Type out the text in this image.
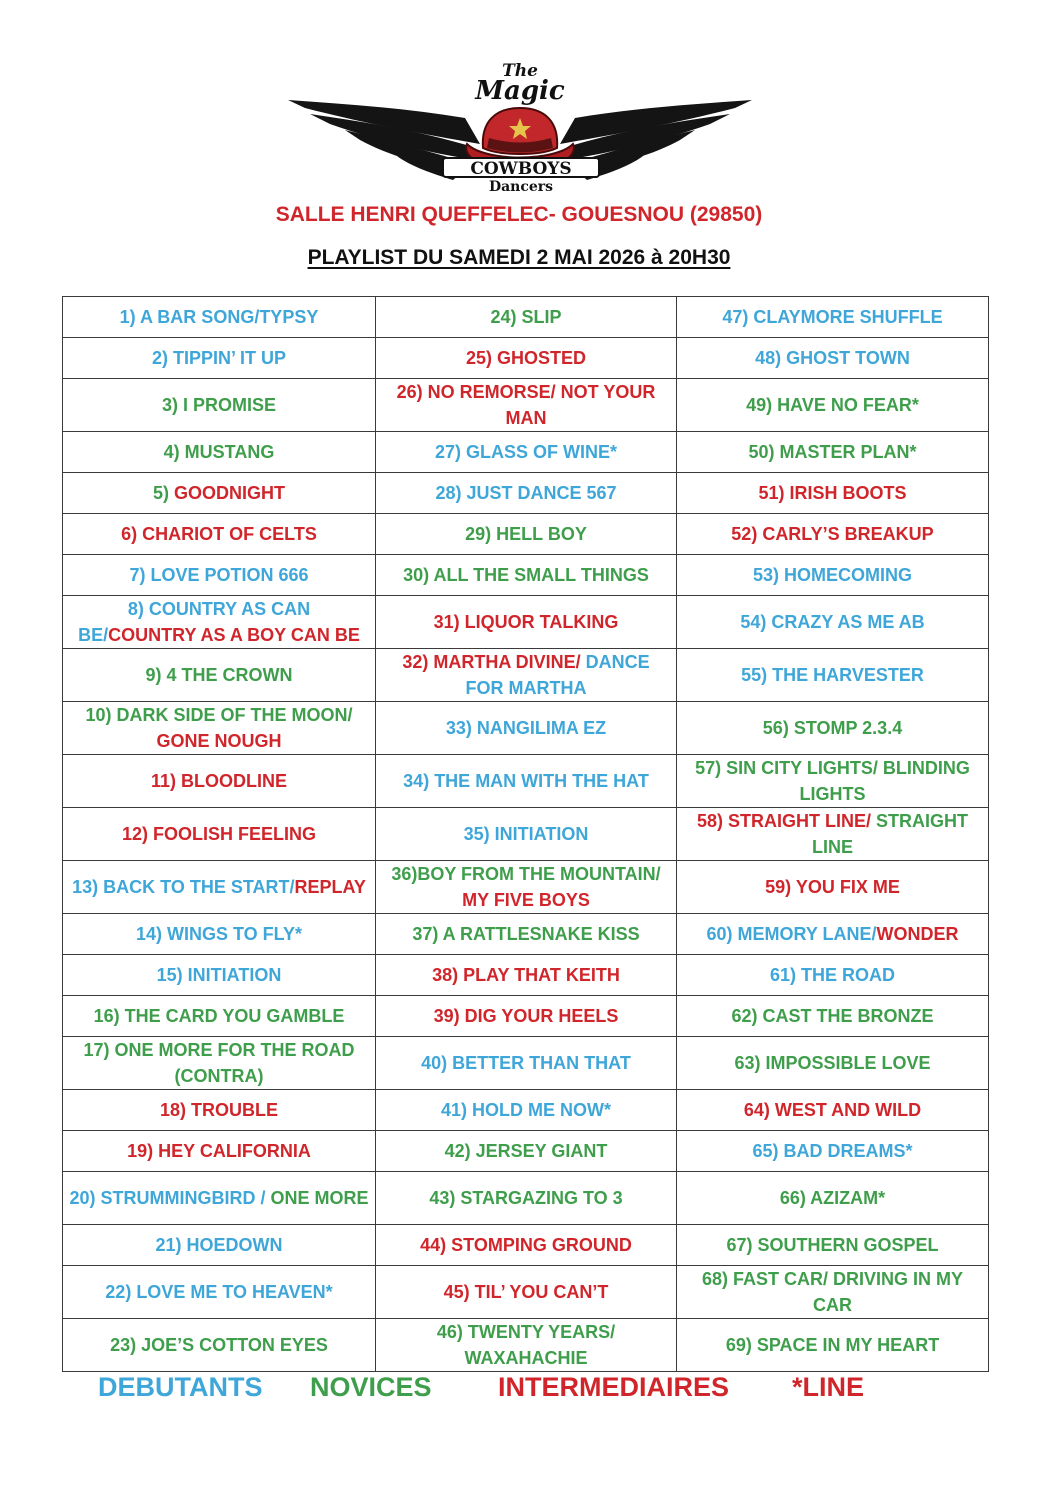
The
Magic
COWBOYS
Dancers
SALLE HENRI QUEFFELEC- GOUESNOU (29850)
PLAYLIST DU SAMEDI 2 MAI 2026 à 20H30
1) A BAR SONG/TYPSY	24) SLIP	47) CLAYMORE SHUFFLE
2) TIPPIN’ IT UP	25) GHOSTED	48) GHOST TOWN
3) I PROMISE	26) NO REMORSE/ NOT YOUR MAN	49) HAVE NO FEAR*
4) MUSTANG	27) GLASS OF WINE*	50) MASTER PLAN*
5) GOODNIGHT	28) JUST DANCE 567	51) IRISH BOOTS
6) CHARIOT OF CELTS	29) HELL BOY	52) CARLY’S BREAKUP
7) LOVE POTION 666	30) ALL THE SMALL THINGS	53) HOMECOMING
8) COUNTRY AS CAN BE/COUNTRY AS A BOY CAN BE	31) LIQUOR TALKING	54) CRAZY AS ME AB
9) 4 THE CROWN	32) MARTHA DIVINE/ DANCE FOR MARTHA	55) THE HARVESTER
10) DARK SIDE OF THE MOON/ GONE NOUGH	33) NANGILIMA EZ	56) STOMP 2.3.4
11) BLOODLINE	34) THE MAN WITH THE HAT	57) SIN CITY LIGHTS/ BLINDING LIGHTS
12) FOOLISH FEELING	35) INITIATION	58) STRAIGHT LINE/ STRAIGHT LINE
13) BACK TO THE START/REPLAY	36)BOY FROM THE MOUNTAIN/ MY FIVE BOYS	59) YOU FIX ME
14) WINGS TO FLY*	37) A RATTLESNAKE KISS	60) MEMORY LANE/WONDER
15) INITIATION	38) PLAY THAT KEITH	61) THE ROAD
16) THE CARD YOU GAMBLE	39) DIG YOUR HEELS	62) CAST THE BRONZE
17) ONE MORE FOR THE ROAD (CONTRA)	40) BETTER THAN THAT	63) IMPOSSIBLE LOVE
18) TROUBLE	41) HOLD ME NOW*	64) WEST AND WILD
19) HEY CALIFORNIA	42) JERSEY GIANT	65) BAD DREAMS*
20) STRUMMINGBIRD / ONE MORE	43) STARGAZING TO 3	66) AZIZAM*
21) HOEDOWN	44) STOMPING GROUND	67) SOUTHERN GOSPEL
22) LOVE ME TO HEAVEN*	45) TIL’ YOU CAN’T	68) FAST CAR/ DRIVING IN MY CAR
23) JOE’S COTTON EYES	46) TWENTY YEARS/ WAXAHACHIE	69) SPACE IN MY HEART
DEBUTANTS NOVICES INTERMEDIAIRES *LINE
